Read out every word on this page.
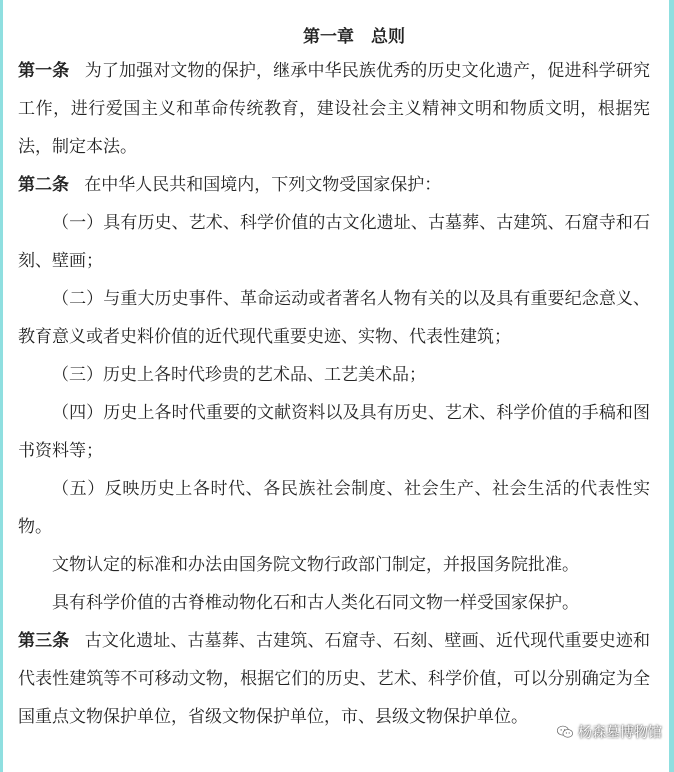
第一章　总则

第一条 为了加强对文物的保护，继承中华民族优秀的历史文化遗产，促进科学研究工作，进行爱国主义和革命传统教育，建设社会主义精神文明和物质文明，根据宪法，制定本法。

第二条 在中华人民共和国境内，下列文物受国家保护：

（一）具有历史、艺术、科学价值的古文化遗址、古墓葬、古建筑、石窟寺和石刻、壁画；

（二）与重大历史事件、革命运动或者著名人物有关的以及具有重要纪念意义、教育意义或者史料价值的近代现代重要史迹、实物、代表性建筑；

（三）历史上各时代珍贵的艺术品、工艺美术品；

（四）历史上各时代重要的文献资料以及具有历史、艺术、科学价值的手稿和图书资料等；

（五）反映历史上各时代、各民族社会制度、社会生产、社会生活的代表性实物。

文物认定的标准和办法由国务院文物行政部门制定，并报国务院批准。

具有科学价值的古脊椎动物化石和古人类化石同文物一样受国家保护。

第三条 古文化遗址、古墓葬、古建筑、石窟寺、石刻、壁画、近代现代重要史迹和代表性建筑等不可移动文物，根据它们的历史、艺术、科学价值，可以分别确定为全国重点文物保护单位，省级文物保护单位，市、县级文物保护单位。

杨森墓博物馆
